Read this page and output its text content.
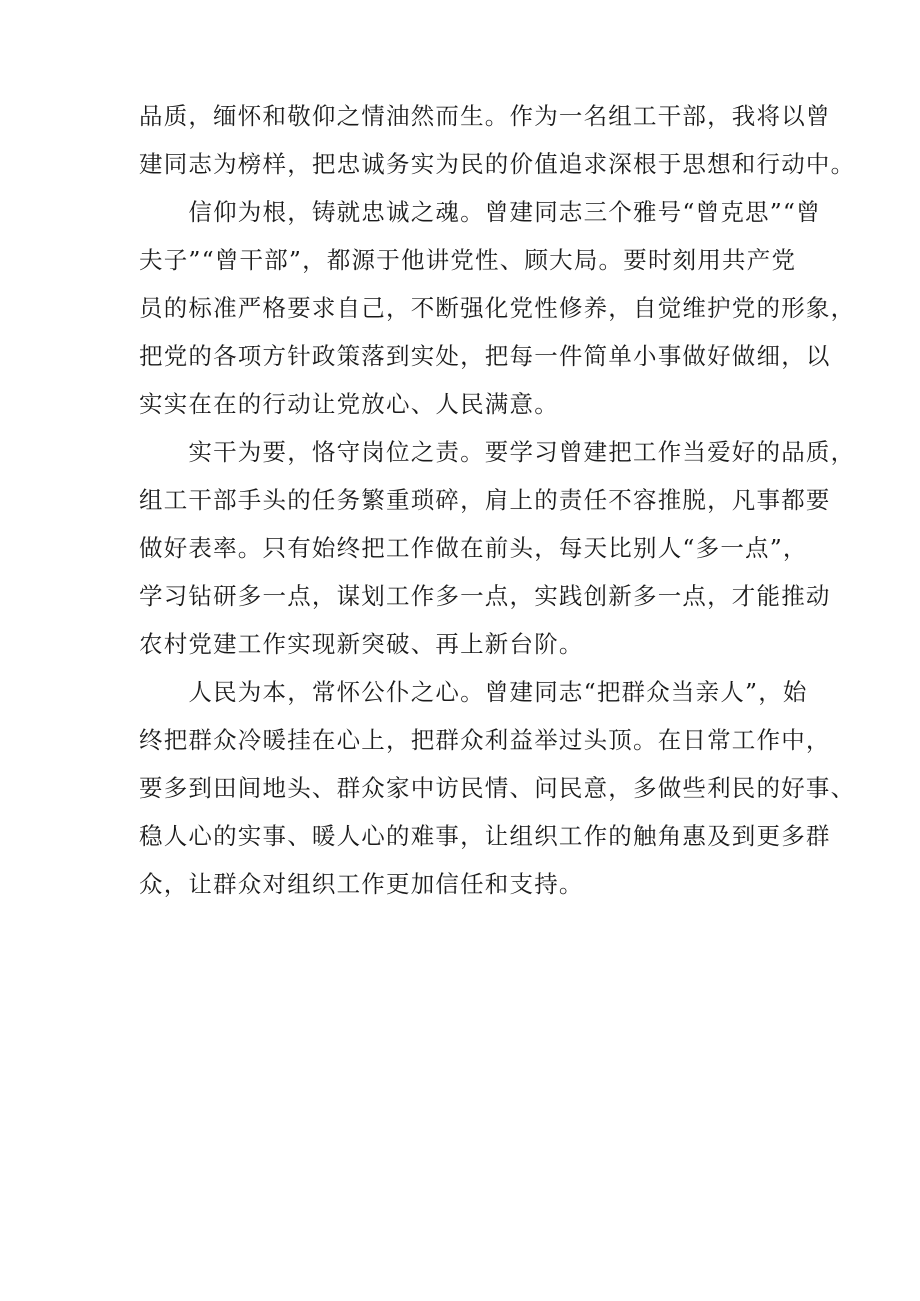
品质，缅怀和敬仰之情油然而生。作为一名组工干部，我将以曾
建同志为榜样，把忠诚务实为民的价值追求深根于思想和行动中。
　　信仰为根，铸就忠诚之魂。曾建同志三个雅号“曾克思”“曾
夫子”“曾干部”，都源于他讲党性、顾大局。要时刻用共产党
员的标准严格要求自己，不断强化党性修养，自觉维护党的形象，
把党的各项方针政策落到实处，把每一件简单小事做好做细，以
实实在在的行动让党放心、人民满意。
　　实干为要，恪守岗位之责。要学习曾建把工作当爱好的品质，
组工干部手头的任务繁重琐碎，肩上的责任不容推脱，凡事都要
做好表率。只有始终把工作做在前头，每天比别人“多一点”，
学习钻研多一点，谋划工作多一点，实践创新多一点，才能推动
农村党建工作实现新突破、再上新台阶。
　　人民为本，常怀公仆之心。曾建同志“把群众当亲人”，始
终把群众冷暖挂在心上，把群众利益举过头顶。在日常工作中，
要多到田间地头、群众家中访民情、问民意，多做些利民的好事、
稳人心的实事、暖人心的难事，让组织工作的触角惠及到更多群
众，让群众对组织工作更加信任和支持。
